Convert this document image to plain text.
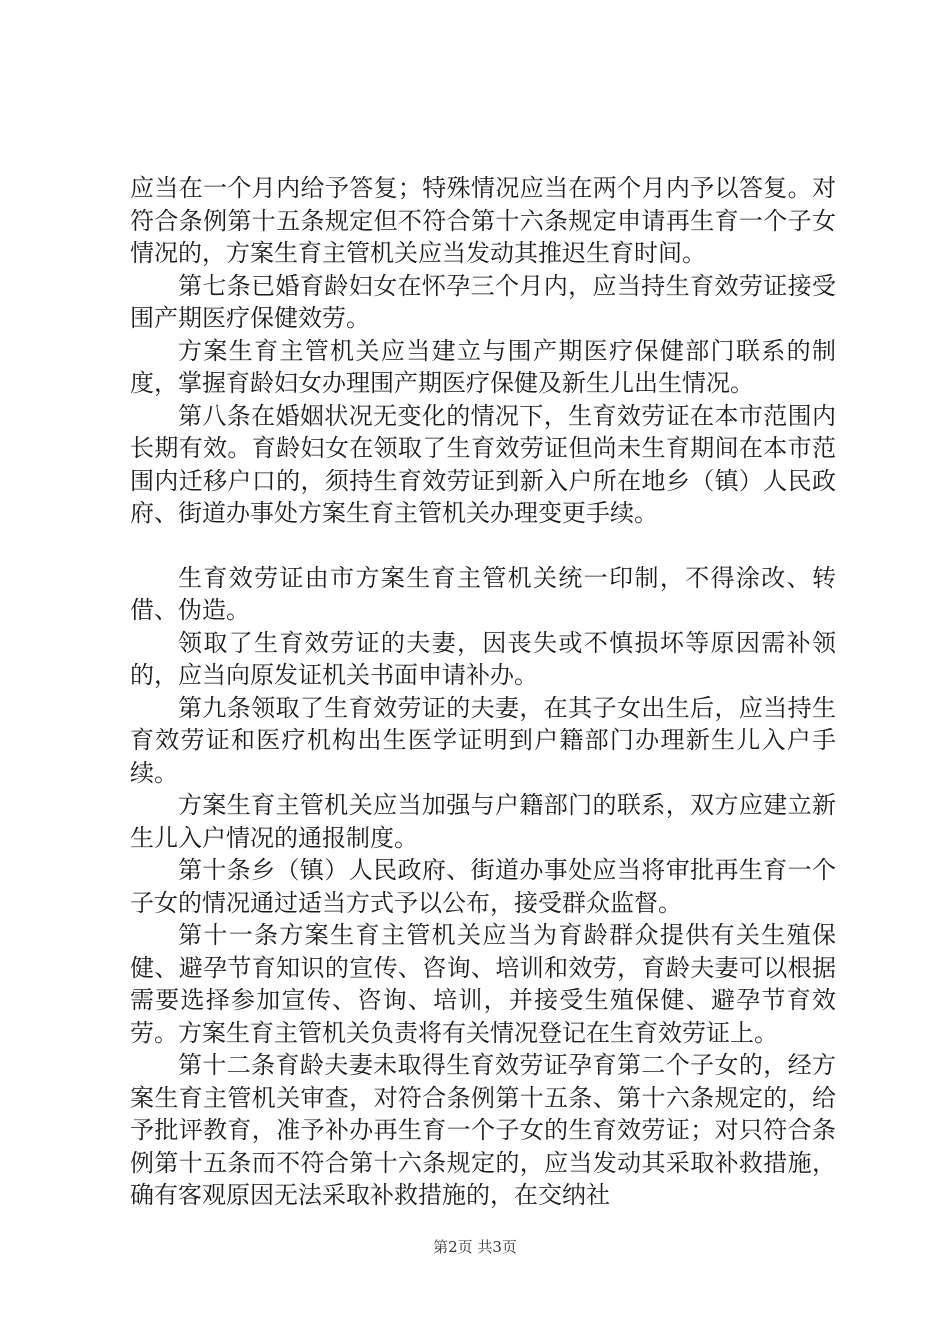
应当在一个月内给予答复；特殊情况应当在两个月内予以答复。对符合条例第十五条规定但不符合第十六条规定申请再生育一个子女情况的，方案生育主管机关应当发动其推迟生育时间。

第七条已婚育龄妇女在怀孕三个月内，应当持生育效劳证接受围产期医疗保健效劳。

方案生育主管机关应当建立与围产期医疗保健部门联系的制度，掌握育龄妇女办理围产期医疗保健及新生儿出生情况。

第八条在婚姻状况无变化的情况下，生育效劳证在本市范围内长期有效。育龄妇女在领取了生育效劳证但尚未生育期间在本市范围内迁移户口的，须持生育效劳证到新入户所在地乡（镇）人民政府、街道办事处方案生育主管机关办理变更手续。

生育效劳证由市方案生育主管机关统一印制，不得涂改、转借、伪造。

领取了生育效劳证的夫妻，因丧失或不慎损坏等原因需补领的，应当向原发证机关书面申请补办。

第九条领取了生育效劳证的夫妻，在其子女出生后，应当持生育效劳证和医疗机构出生医学证明到户籍部门办理新生儿入户手续。

方案生育主管机关应当加强与户籍部门的联系，双方应建立新生儿入户情况的通报制度。

第十条乡（镇）人民政府、街道办事处应当将审批再生育一个子女的情况通过适当方式予以公布，接受群众监督。

第十一条方案生育主管机关应当为育龄群众提供有关生殖保健、避孕节育知识的宣传、咨询、培训和效劳，育龄夫妻可以根据需要选择参加宣传、咨询、培训，并接受生殖保健、避孕节育效劳。方案生育主管机关负责将有关情况登记在生育效劳证上。

第十二条育龄夫妻未取得生育效劳证孕育第二个子女的，经方案生育主管机关审查，对符合条例第十五条、第十六条规定的，给予批评教育，准予补办再生育一个子女的生育效劳证；对只符合条例第十五条而不符合第十六条规定的，应当发动其采取补救措施，确有客观原因无法采取补救措施的，在交纳社

第2页 共3页
